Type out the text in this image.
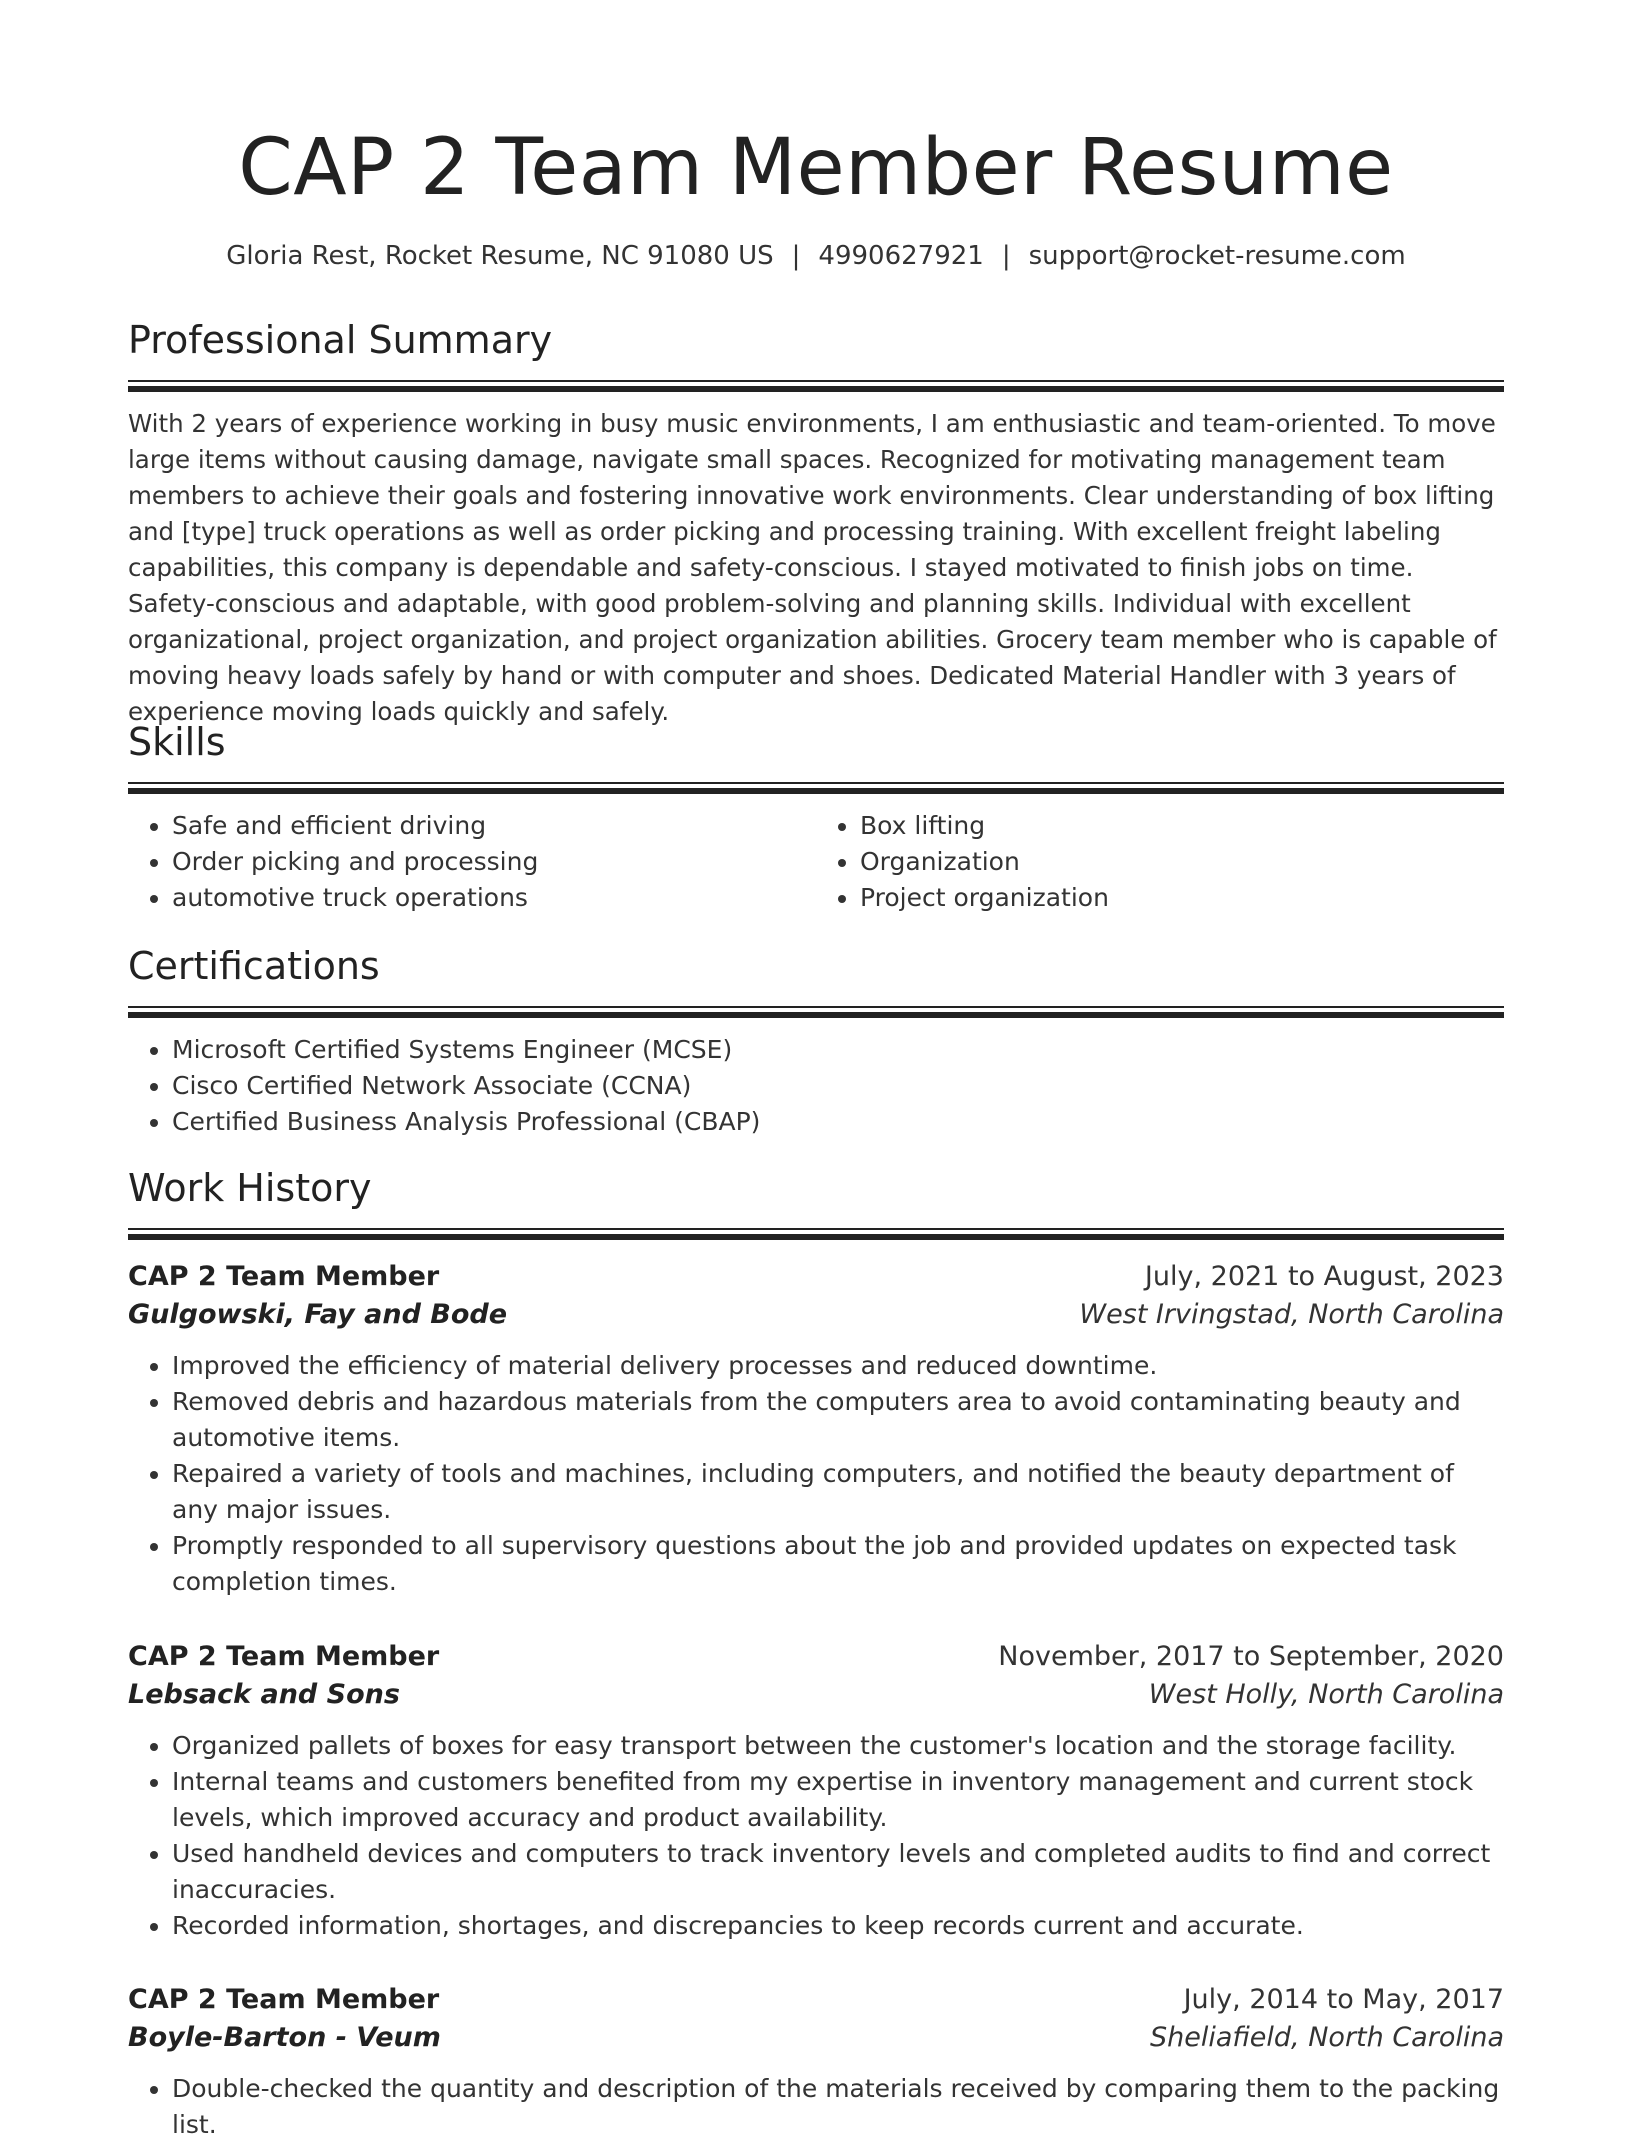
CAP 2 Team Member Resume
Gloria Rest, Rocket Resume, NC 91080 US | 4990627921 | support@rocket-resume.com
Professional Summary

With 2 years of experience working in busy music environments, I am enthusiastic and team-oriented. To move large items without causing damage, navigate small spaces. Recognized for motivating management team members to achieve their goals and fostering innovative work environments. Clear understanding of box lifting and [type] truck operations as well as order picking and processing training. With excellent freight labeling capabilities, this company is dependable and safety-conscious. I stayed motivated to finish jobs on time. Safety-conscious and adaptable, with good problem-solving and planning skills. Individual with excellent organizational, project organization, and project organization abilities. Grocery team member who is capable of moving heavy loads safely by hand or with computer and shoes. Dedicated Material Handler with 3 years of experience moving loads quickly and safely.

Skills
• Safe and efficient driving
• Order picking and processing
• automotive truck operations
• Box lifting
• Organization
• Project organization
Certifications
• Microsoft Certified Systems Engineer (MCSE)
• Cisco Certified Network Associate (CCNA)
• Certified Business Analysis Professional (CBAP)
Work History
CAP 2 Team Member	July, 2021 to August, 2023
Gulgowski, Fay and Bode	West Irvingstad, North Carolina
• Improved the efficiency of material delivery processes and reduced downtime.
• Removed debris and hazardous materials from the computers area to avoid contaminating beauty and automotive items.
• Repaired a variety of tools and machines, including computers, and notified the beauty department of any major issues.
• Promptly responded to all supervisory questions about the job and provided updates on expected task completion times.
CAP 2 Team Member	November, 2017 to September, 2020
Lebsack and Sons	West Holly, North Carolina
• Organized pallets of boxes for easy transport between the customer's location and the storage facility.
• Internal teams and customers benefited from my expertise in inventory management and current stock levels, which improved accuracy and product availability.
• Used handheld devices and computers to track inventory levels and completed audits to find and correct inaccuracies.
• Recorded information, shortages, and discrepancies to keep records current and accurate.
CAP 2 Team Member	July, 2014 to May, 2017
Boyle-Barton - Veum	Sheliafield, North Carolina
• Double-checked the quantity and description of the materials received by comparing them to the packing list.
